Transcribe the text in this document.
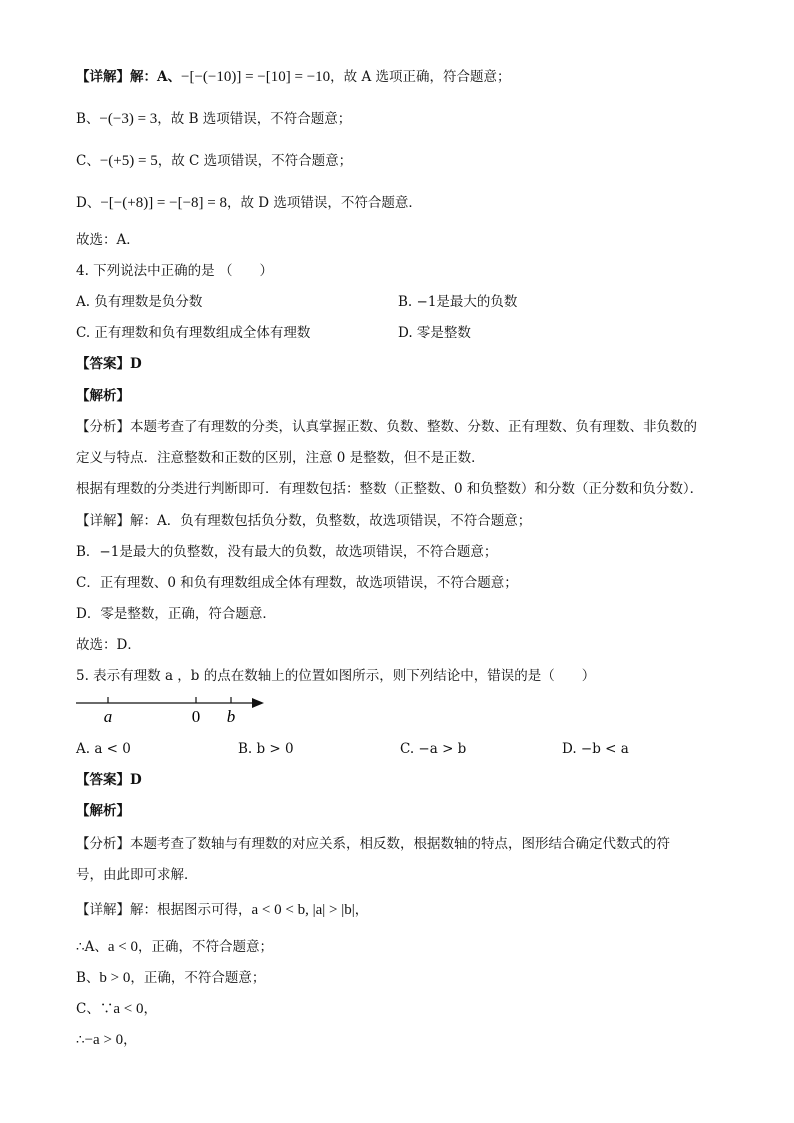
【详解】解：A、−[−(−10)] = −[10] = −10，故 A 选项正确，符合题意；
B、−(−3) = 3，故 B 选项错误，不符合题意；
C、−(+5) = 5，故 C 选项错误，不符合题意；
D、−[−(+8)] = −[−8] = 8，故 D 选项错误，不符合题意．
故选：A．
4. 下列说法中正确的是 （　　）
A. 负有理数是负分数	B. −1是最大的负数
C. 正有理数和负有理数组成全体有理数	D. 零是整数
【答案】D
【解析】
【分析】本题考查了有理数的分类，认真掌握正数、负数、整数、分数、正有理数、负有理数、非负数的
定义与特点．注意整数和正数的区别，注意 0 是整数，但不是正数．
根据有理数的分类进行判断即可．有理数包括：整数（正整数、0 和负整数）和分数（正分数和负分数）．
【详解】解：A．负有理数包括负分数，负整数，故选项错误，不符合题意；
B．−1是最大的负整数，没有最大的负数，故选项错误，不符合题意；
C．正有理数、0 和负有理数组成全体有理数，故选项错误，不符合题意；
D．零是整数，正确，符合题意．
故选：D．
5. 表示有理数 a ，b 的点在数轴上的位置如图所示，则下列结论中，错误的是（　　）
a	0 b
A. a < 0	B. b > 0	C. −a > b	D. −b < a
【答案】D
【解析】
【分析】本题考查了数轴与有理数的对应关系，相反数，根据数轴的特点，图形结合确定代数式的符
号，由此即可求解．
【详解】解：根据图示可得，a < 0 < b, |a| > |b|，
∴A、a < 0，正确，不符合题意；
B、b > 0，正确，不符合题意；
C、∵a < 0，
∴−a > 0，
